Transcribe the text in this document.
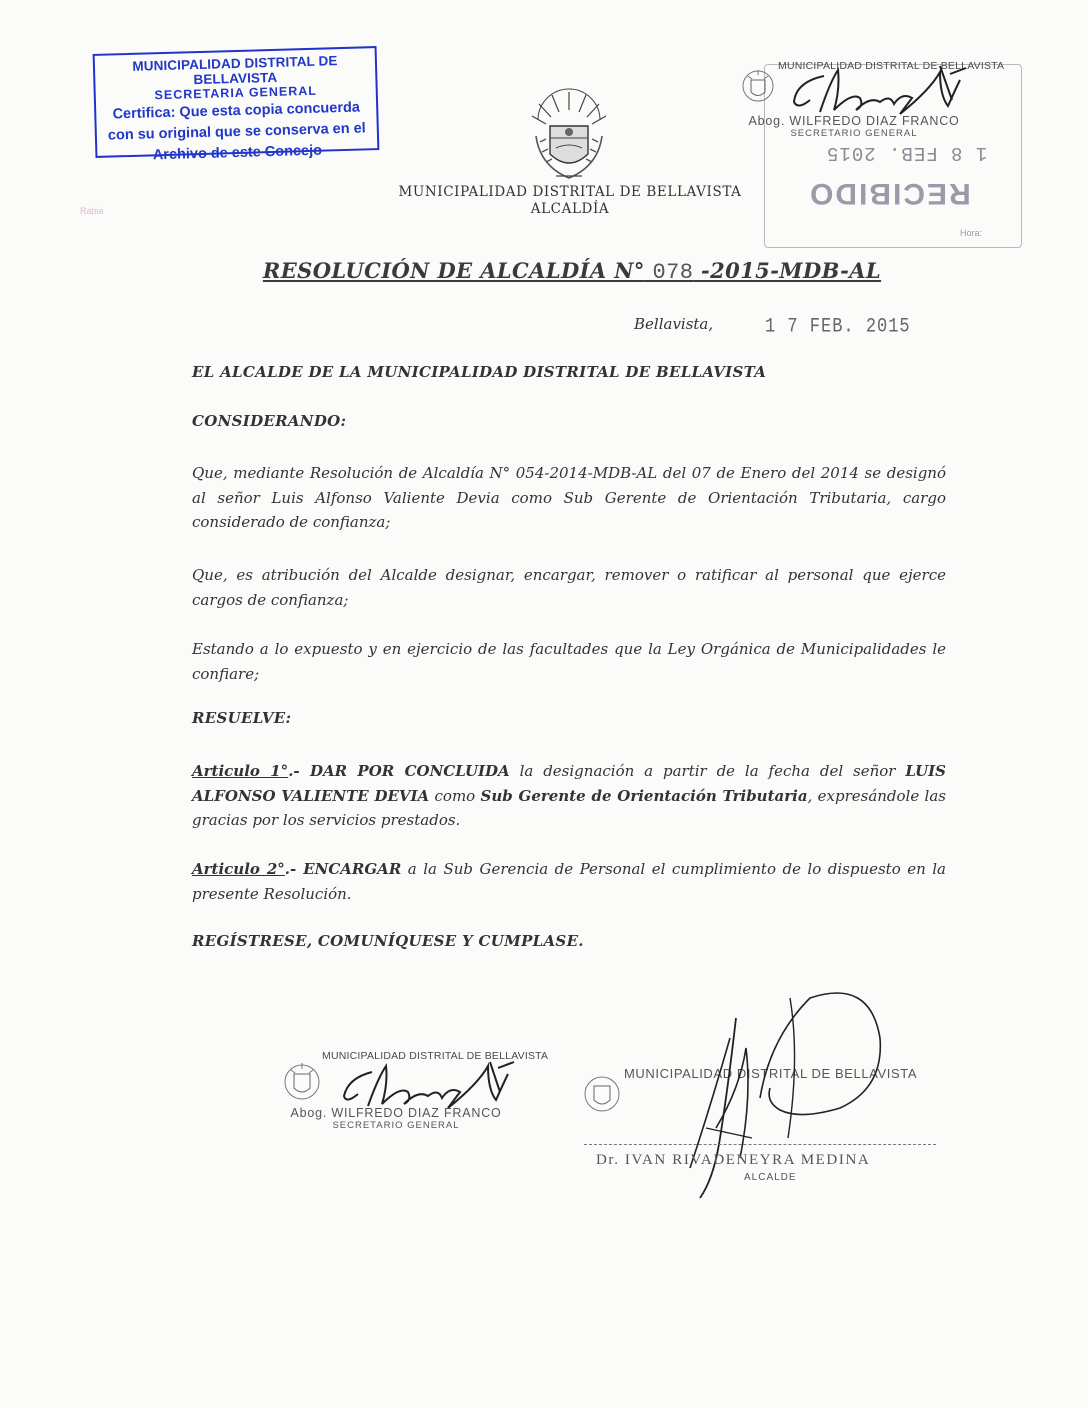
Rabia
MUNICIPALIDAD DISTRITAL DE BELLAVISTA
SECRETARIA GENERAL
Certifica: Que esta copia concuerda
con su original que se conserva en el
Archivo de este Concejo
MUNICIPALIDAD DISTRITAL DE BELLAVISTA
ALCALDÍA
1 8 FEB. 2015
RECIBIDO
Hora:
MUNICIPALIDAD DISTRITAL DE BELLAVISTA
Abog. WILFREDO DIAZ FRANCO
SECRETARIO GENERAL
RESOLUCIÓN DE ALCALDÍA N° 078 -2015-MDB-AL
Bellavista,	1 7 FEB. 2015
EL ALCALDE DE LA MUNICIPALIDAD DISTRITAL DE BELLAVISTA
CONSIDERANDO:
Que, mediante Resolución de Alcaldía N° 054-2014-MDB-AL del 07 de Enero del 2014 se designó al señor Luis Alfonso Valiente Devia como Sub Gerente de Orientación Tributaria, cargo considerado de confianza;
Que, es atribución del Alcalde designar, encargar, remover o ratificar al personal que ejerce cargos de confianza;
Estando a lo expuesto y en ejercicio de las facultades que la Ley Orgánica de Municipalidades le confiare;
RESUELVE:
Articulo 1°.- DAR POR CONCLUIDA la designación a partir de la fecha del señor LUIS ALFONSO VALIENTE DEVIA como Sub Gerente de Orientación Tributaria, expresándole las gracias por los servicios prestados.
Articulo 2°.- ENCARGAR a la Sub Gerencia de Personal el cumplimiento de lo dispuesto en la presente Resolución.
REGÍSTRESE, COMUNÍQUESE Y CUMPLASE.
MUNICIPALIDAD DISTRITAL DE BELLAVISTA
Abog. WILFREDO DIAZ FRANCO
SECRETARIO GENERAL
MUNICIPALIDAD DISTRITAL DE BELLAVISTA
Dr. IVAN RIVADENEYRA MEDINA
ALCALDE
